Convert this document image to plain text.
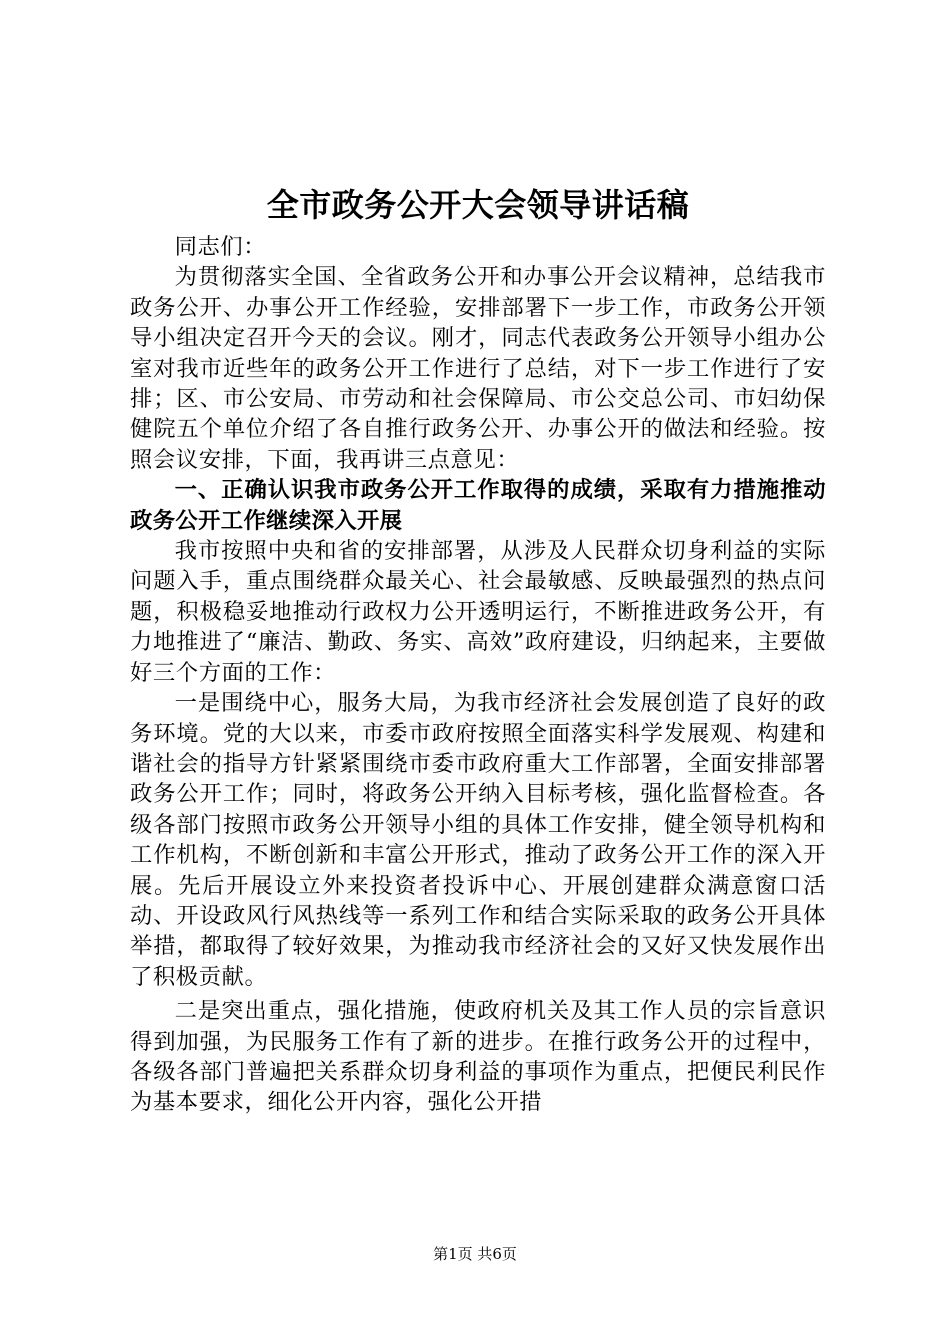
全市政务公开大会领导讲话稿

同志们：

为贯彻落实全国、全省政务公开和办事公开会议精神，总结我市政务公开、办事公开工作经验，安排部署下一步工作，市政务公开领导小组决定召开今天的会议。刚才，同志代表政务公开领导小组办公室对我市近些年的政务公开工作进行了总结，对下一步工作进行了安排；区、市公安局、市劳动和社会保障局、市公交总公司、市妇幼保健院五个单位介绍了各自推行政务公开、办事公开的做法和经验。按照会议安排，下面，我再讲三点意见：

一、正确认识我市政务公开工作取得的成绩，采取有力措施推动政务公开工作继续深入开展

我市按照中央和省的安排部署，从涉及人民群众切身利益的实际问题入手，重点围绕群众最关心、社会最敏感、反映最强烈的热点问题，积极稳妥地推动行政权力公开透明运行，不断推进政务公开，有力地推进了“廉洁、勤政、务实、高效”政府建设，归纳起来，主要做好三个方面的工作：

一是围绕中心，服务大局，为我市经济社会发展创造了良好的政务环境。党的大以来，市委市政府按照全面落实科学发展观、构建和谐社会的指导方针紧紧围绕市委市政府重大工作部署，全面安排部署政务公开工作；同时，将政务公开纳入目标考核，强化监督检查。各级各部门按照市政务公开领导小组的具体工作安排，健全领导机构和工作机构，不断创新和丰富公开形式，推动了政务公开工作的深入开展。先后开展设立外来投资者投诉中心、开展创建群众满意窗口活动、开设政风行风热线等一系列工作和结合实际采取的政务公开具体举措，都取得了较好效果，为推动我市经济社会的又好又快发展作出了积极贡献。

二是突出重点，强化措施，使政府机关及其工作人员的宗旨意识得到加强，为民服务工作有了新的进步。在推行政务公开的过程中，各级各部门普遍把关系群众切身利益的事项作为重点，把便民利民作为基本要求，细化公开内容，强化公开措

第1页 共6页
